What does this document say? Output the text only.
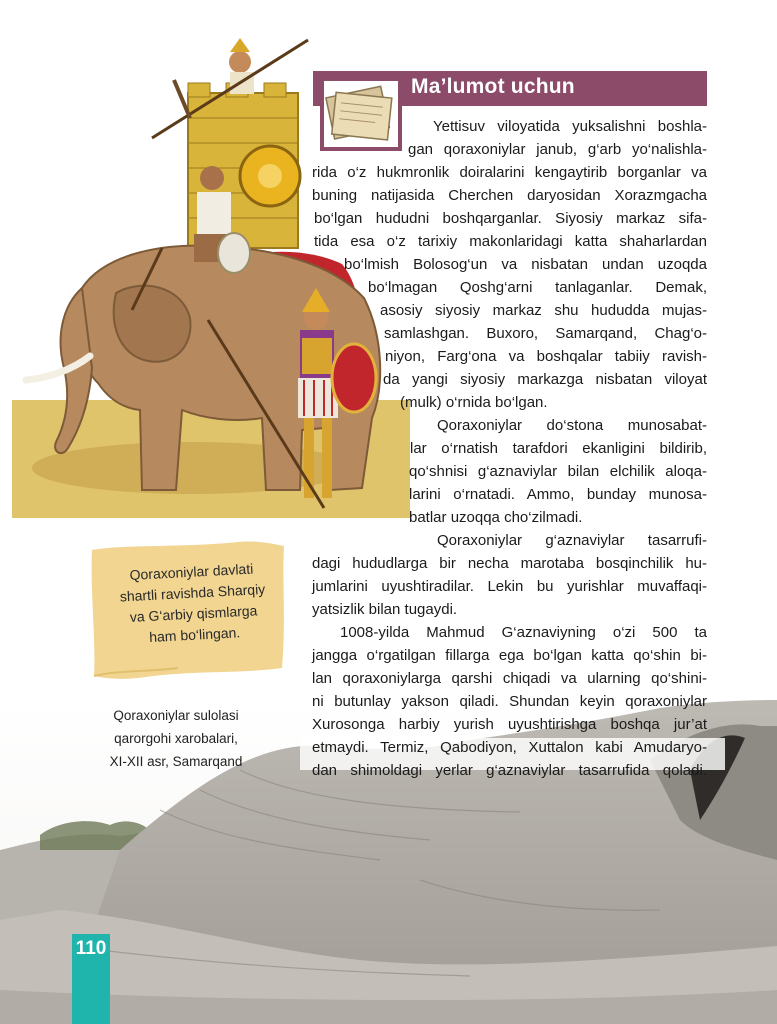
Ma’lumot uchun
Yettisuv viloyatida yuksalishni boshla-
gan qoraxoniylar janub, g‘arb yo‘nalishla-
rida o‘z hukmronlik doiralarini kengaytirib borganlar va
buning natijasida Cherchen daryosidan Xorazmgacha
bo‘lgan hududni boshqarganlar. Siyosiy markaz sifa-
tida esa o‘z tarixiy makonlaridagi katta shaharlardan
bo‘lmish Bolosog‘un va nisbatan undan uzoqda
bo‘lmagan Qoshg‘arni tanlaganlar. Demak,
asosiy siyosiy markaz shu hududda mujas-
samlashgan. Buxoro, Samarqand, Chag‘o-
niyon, Farg‘ona va boshqalar tabiiy ravish-
da yangi siyosiy markazga nisbatan viloyat
(mulk) o‘rnida bo‘lgan.
Qoraxoniylar do‘stona munosabat-
lar o‘rnatish tarafdori ekanligini bildirib,
qo‘shnisi g‘aznaviylar bilan elchilik aloqa-
larini o‘rnatadi. Ammo, bunday munosa-
batlar uzoqqa cho‘zilmadi.
Qoraxoniylar g‘aznaviylar tasarrufi-
dagi hududlarga bir necha marotaba bosqinchilik hu-
jumlarini uyushtiradilar. Lekin bu yurishlar muvaffaqi-
yatsizlik bilan tugaydi.
1008-yilda Mahmud G‘aznaviyning o‘zi 500 ta
jangga o‘rgatilgan fillarga ega bo‘lgan katta qo‘shin bi-
lan qoraxoniylarga qarshi chiqadi va ularning qo‘shini-
ni butunlay yakson qiladi. Shundan keyin qoraxoniylar
Xurosonga harbiy yurish uyushtirishga boshqa jur’at
etmaydi. Termiz, Qabodiyon, Xuttalon kabi Amudaryo-
dan shimoldagi yerlar g‘aznaviylar tasarrufida qoladi.
Qoraxoniylar davlati
shartli ravishda Sharqiy
va G‘arbiy qismlarga
ham bo‘lingan.
Qoraxoniylar sulolasi
qarorgohi xarobalari,
XI-XII asr, Samarqand
110
